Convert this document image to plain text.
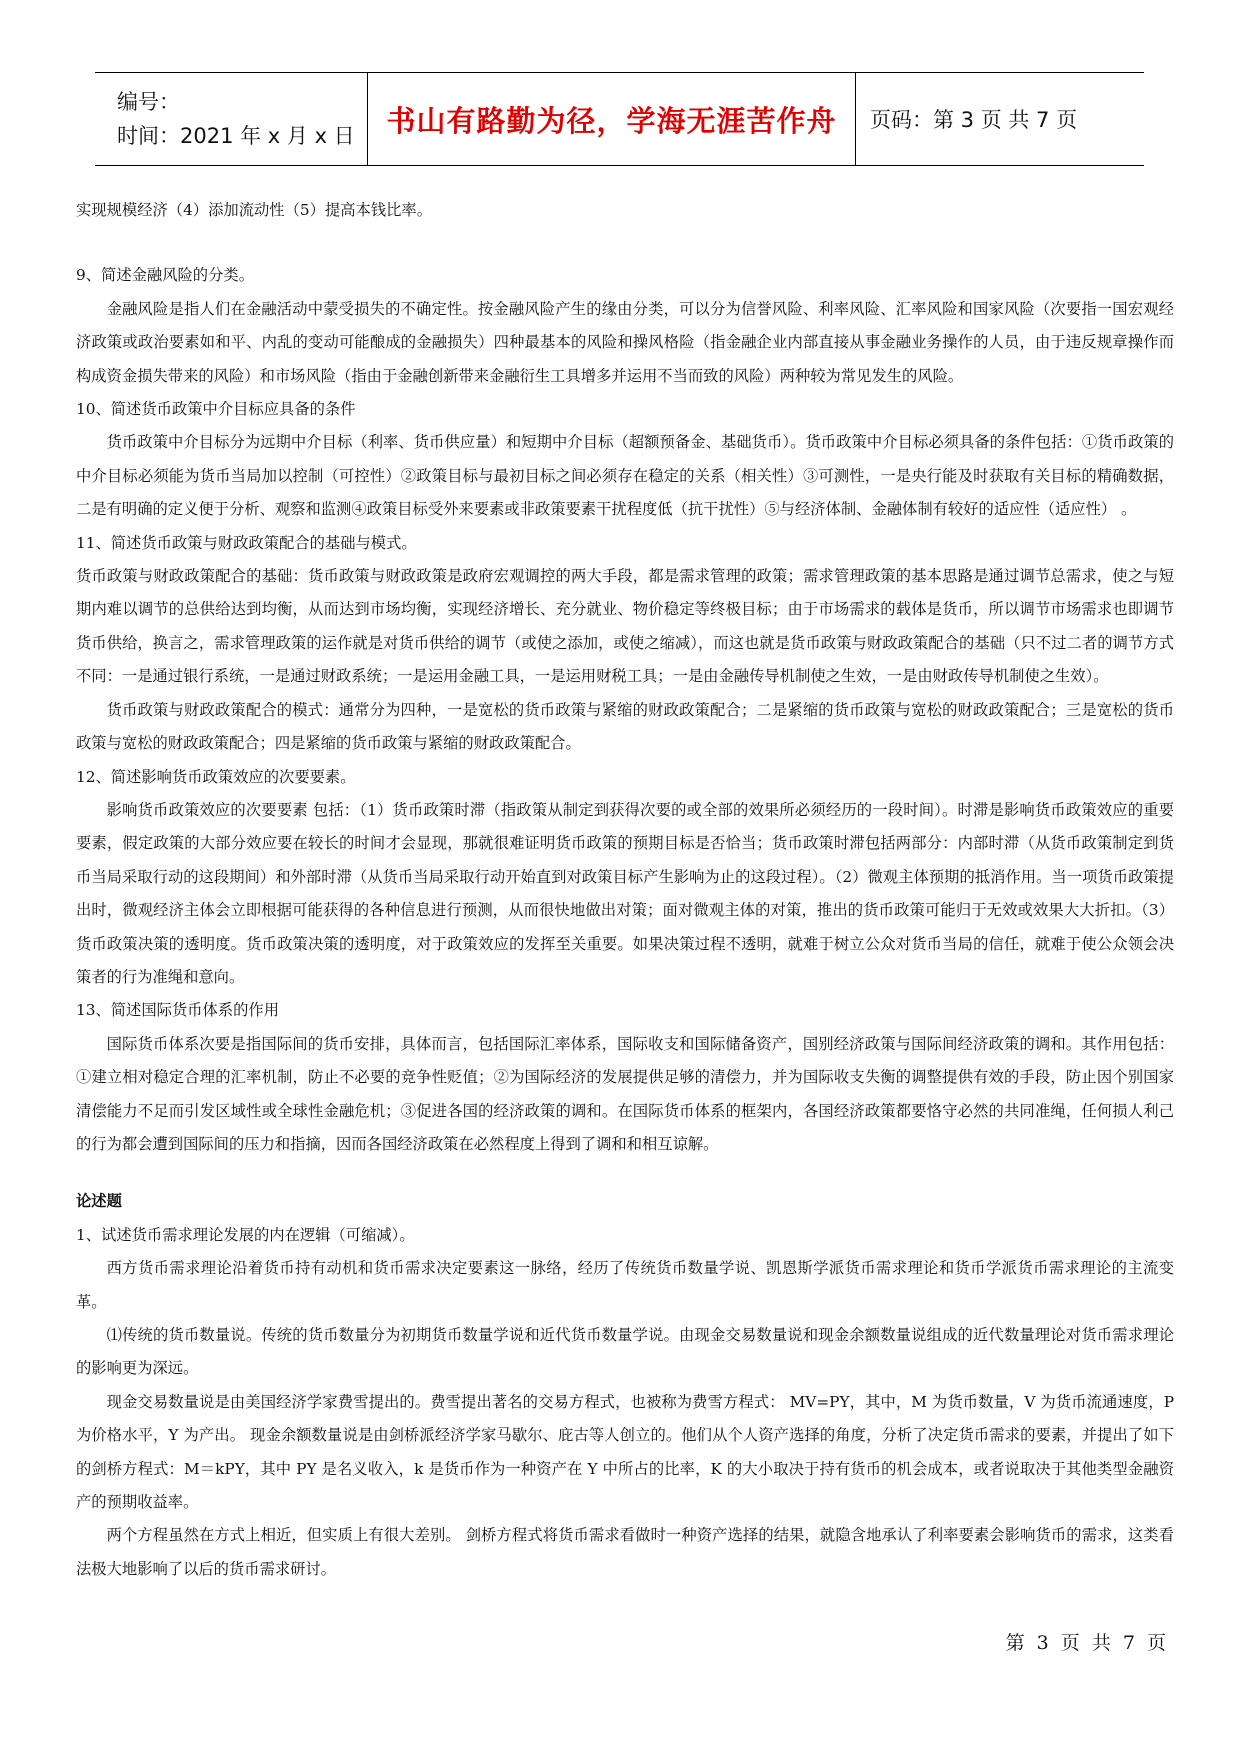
编号：
时间：2021 年 x 月 x 日	书山有路勤为径，学海无涯苦作舟 页码：第 3 页 共 7 页

实现规模经济（4）添加流动性（5）提高本钱比率。

9、简述金融风险的分类。

金融风险是指人们在金融活动中蒙受损失的不确定性。按金融风险产生的缘由分类，可以分为信誉风险、利率风险、汇率风险和国家风险（次要指一国宏观经济政策或政治要素如和平、内乱的变动可能酿成的金融损失）四种最基本的风险和操风格险（指金融企业内部直接从事金融业务操作的人员，由于违反规章操作而构成资金损失带来的风险）和市场风险（指由于金融创新带来金融衍生工具增多并运用不当而致的风险）两种较为常见发生的风险。

10、简述货币政策中介目标应具备的条件

货币政策中介目标分为远期中介目标（利率、货币供应量）和短期中介目标（超额预备金、基础货币）。货币政策中介目标必须具备的条件包括：①货币政策的中介目标必须能为货币当局加以控制（可控性）②政策目标与最初目标之间必须存在稳定的关系（相关性）③可测性，一是央行能及时获取有关目标的精确数据，二是有明确的定义便于分析、观察和监测④政策目标受外来要素或非政策要素干扰程度低（抗干扰性）⑤与经济体制、金融体制有较好的适应性（适应性） 。

11、简述货币政策与财政政策配合的基础与模式。

货币政策与财政政策配合的基础：货币政策与财政政策是政府宏观调控的两大手段，都是需求管理的政策；需求管理政策的基本思路是通过调节总需求，使之与短期内难以调节的总供给达到均衡，从而达到市场均衡，实现经济增长、充分就业、物价稳定等终极目标；由于市场需求的载体是货币，所以调节市场需求也即调节货币供给，换言之，需求管理政策的运作就是对货币供给的调节（或使之添加，或使之缩减），而这也就是货币政策与财政政策配合的基础（只不过二者的调节方式不同：一是通过银行系统，一是通过财政系统；一是运用金融工具，一是运用财税工具；一是由金融传导机制使之生效，一是由财政传导机制使之生效）。

货币政策与财政政策配合的模式：通常分为四种，一是宽松的货币政策与紧缩的财政政策配合；二是紧缩的货币政策与宽松的财政政策配合；三是宽松的货币政策与宽松的财政政策配合；四是紧缩的货币政策与紧缩的财政政策配合。

12、简述影响货币政策效应的次要要素。

影响货币政策效应的次要要素 包括：（1）货币政策时滞（指政策从制定到获得次要的或全部的效果所必须经历的一段时间）。时滞是影响货币政策效应的重要要素，假定政策的大部分效应要在较长的时间才会显现，那就很难证明货币政策的预期目标是否恰当；货币政策时滞包括两部分：内部时滞（从货币政策制定到货币当局采取行动的这段期间）和外部时滞（从货币当局采取行动开始直到对政策目标产生影响为止的这段过程）。（2）微观主体预期的抵消作用。当一项货币政策提出时，微观经济主体会立即根据可能获得的各种信息进行预测，从而很快地做出对策；面对微观主体的对策，推出的货币政策可能归于无效或效果大大折扣。（3）货币政策决策的透明度。货币政策决策的透明度，对于政策效应的发挥至关重要。如果决策过程不透明，就难于树立公众对货币当局的信任，就难于使公众领会决策者的行为准绳和意向。

13、简述国际货币体系的作用

国际货币体系次要是指国际间的货币安排，具体而言，包括国际汇率体系，国际收支和国际储备资产，国别经济政策与国际间经济政策的调和。其作用包括：①建立相对稳定合理的汇率机制，防止不必要的竞争性贬值；②为国际经济的发展提供足够的清偿力，并为国际收支失衡的调整提供有效的手段，防止因个别国家清偿能力不足而引发区域性或全球性金融危机；③促进各国的经济政策的调和。在国际货币体系的框架内，各国经济政策都要恪守必然的共同准绳，任何损人利己的行为都会遭到国际间的压力和指摘，因而各国经济政策在必然程度上得到了调和和相互谅解。

论述题

1、试述货币需求理论发展的内在逻辑（可缩减）。

西方货币需求理论沿着货币持有动机和货币需求决定要素这一脉络，经历了传统货币数量学说、凯恩斯学派货币需求理论和货币学派货币需求理论的主流变革。

⑴传统的货币数量说。传统的货币数量分为初期货币数量学说和近代货币数量学说。由现金交易数量说和现金余额数量说组成的近代数量理论对货币需求理论的影响更为深远。

现金交易数量说是由美国经济学家费雪提出的。费雪提出著名的交易方程式，也被称为费雪方程式： MV=PY，其中，M 为货币数量，V 为货币流通速度，P 为价格水平，Y 为产出。 现金余额数量说是由剑桥派经济学家马歇尔、庇古等人创立的。他们从个人资产选择的角度，分析了决定货币需求的要素，并提出了如下的剑桥方程式：M＝kPY，其中 PY 是名义收入，k 是货币作为一种资产在 Y 中所占的比率，K 的大小取决于持有货币的机会成本，或者说取决于其他类型金融资产的预期收益率。

两个方程虽然在方式上相近，但实质上有很大差别。 剑桥方程式将货币需求看做时一种资产选择的结果，就隐含地承认了利率要素会影响货币的需求，这类看法极大地影响了以后的货币需求研讨。

第 3 页 共 7 页
